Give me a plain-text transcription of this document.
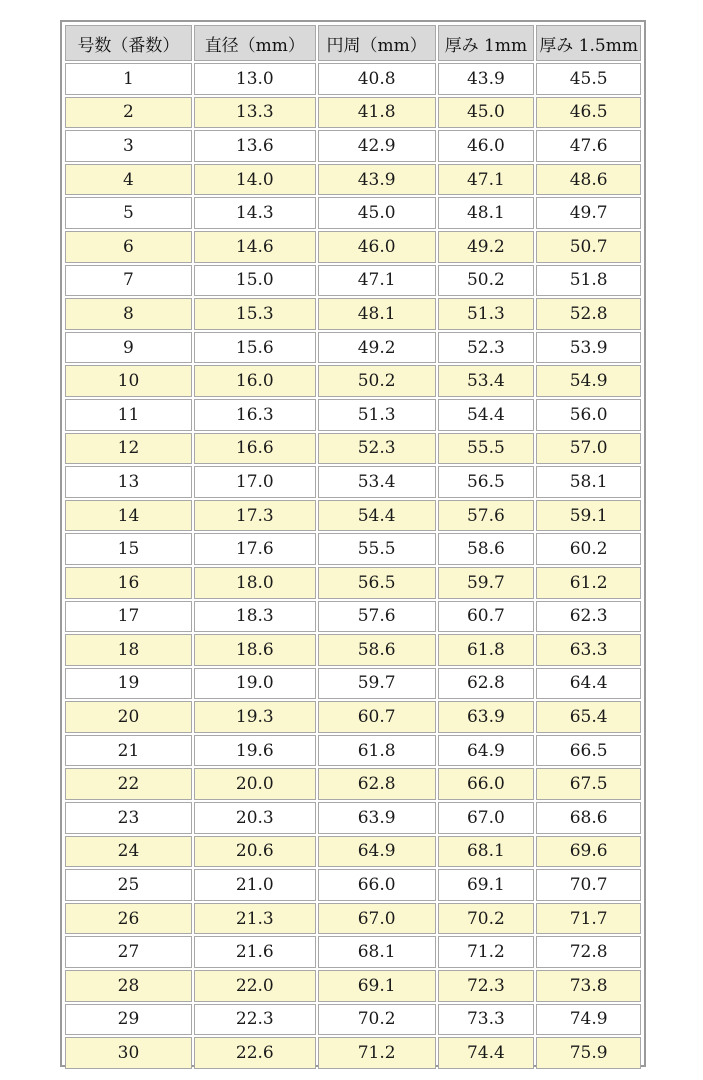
号数（番数）	直径（mm）	円周（mm）	厚み 1mm	厚み 1.5mm
1	13.0	40.8	43.9	45.5
2	13.3	41.8	45.0	46.5
3	13.6	42.9	46.0	47.6
4	14.0	43.9	47.1	48.6
5	14.3	45.0	48.1	49.7
6	14.6	46.0	49.2	50.7
7	15.0	47.1	50.2	51.8
8	15.3	48.1	51.3	52.8
9	15.6	49.2	52.3	53.9
10	16.0	50.2	53.4	54.9
11	16.3	51.3	54.4	56.0
12	16.6	52.3	55.5	57.0
13	17.0	53.4	56.5	58.1
14	17.3	54.4	57.6	59.1
15	17.6	55.5	58.6	60.2
16	18.0	56.5	59.7	61.2
17	18.3	57.6	60.7	62.3
18	18.6	58.6	61.8	63.3
19	19.0	59.7	62.8	64.4
20	19.3	60.7	63.9	65.4
21	19.6	61.8	64.9	66.5
22	20.0	62.8	66.0	67.5
23	20.3	63.9	67.0	68.6
24	20.6	64.9	68.1	69.6
25	21.0	66.0	69.1	70.7
26	21.3	67.0	70.2	71.7
27	21.6	68.1	71.2	72.8
28	22.0	69.1	72.3	73.8
29	22.3	70.2	73.3	74.9
30	22.6	71.2	74.4	75.9
